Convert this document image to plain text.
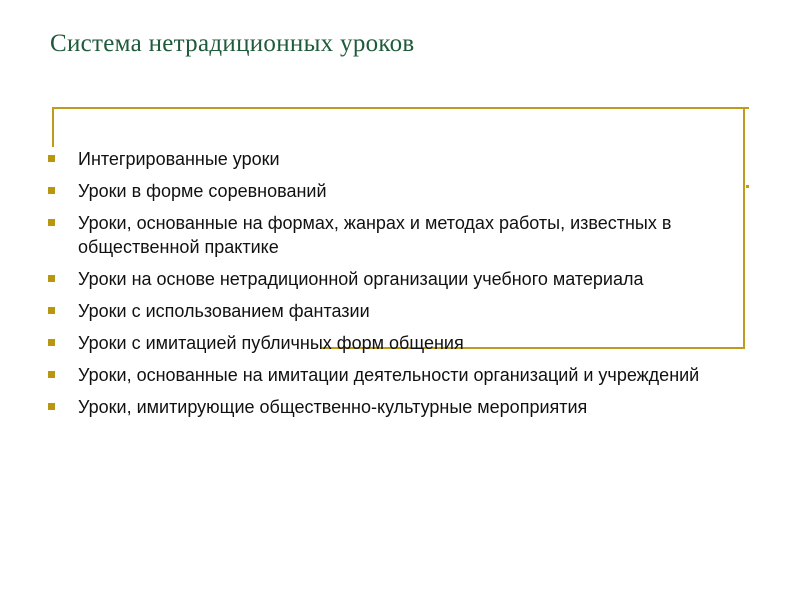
Система нетрадиционных уроков
Интегрированные уроки
Уроки в форме соревнований
Уроки, основанные на формах, жанрах и методах работы, известных в общественной практике
Уроки на основе нетрадиционной организации учебного материала
Уроки с использованием фантазии
Уроки с имитацией публичных форм общения
Уроки, основанные на имитации деятельности организаций и учреждений
Уроки, имитирующие общественно-культурные мероприятия
